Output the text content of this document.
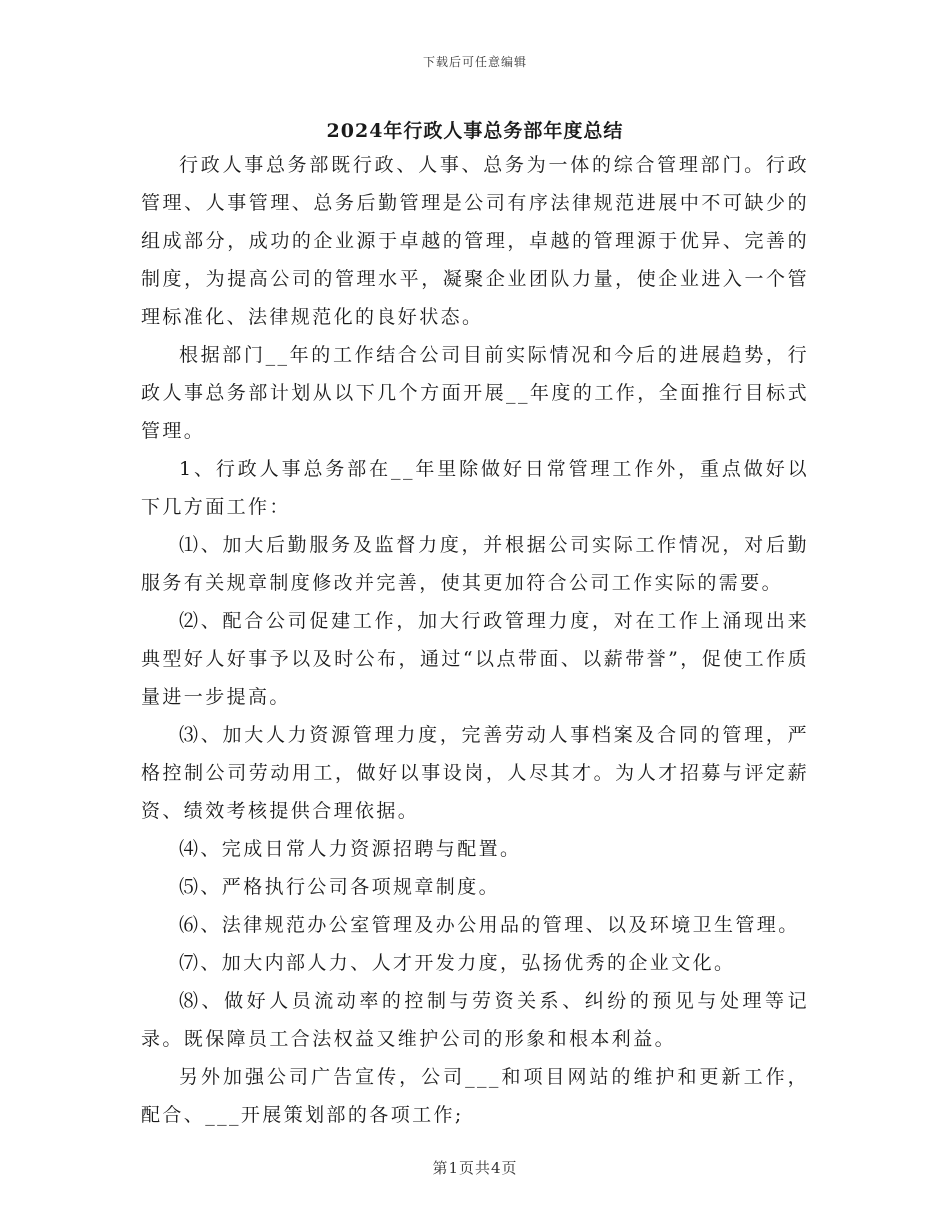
下载后可任意编辑
2024年行政人事总务部年度总结

行政人事总务部既行政、人事、总务为一体的综合管理部门。行政管理、人事管理、总务后勤管理是公司有序法律规范进展中不可缺少的组成部分，成功的企业源于卓越的管理，卓越的管理源于优异、完善的制度，为提高公司的管理水平，凝聚企业团队力量，使企业进入一个管理标准化、法律规范化的良好状态。

根据部门__年的工作结合公司目前实际情况和今后的进展趋势，行政人事总务部计划从以下几个方面开展__年度的工作，全面推行目标式管理。

1、行政人事总务部在__年里除做好日常管理工作外，重点做好以下几方面工作：

⑴、加大后勤服务及监督力度，并根据公司实际工作情况，对后勤服务有关规章制度修改并完善，使其更加符合公司工作实际的需要。

⑵、配合公司促建工作，加大行政管理力度，对在工作上涌现出来典型好人好事予以及时公布，通过“以点带面、以薪带誉”，促使工作质量进一步提高。

⑶、加大人力资源管理力度，完善劳动人事档案及合同的管理，严格控制公司劳动用工，做好以事设岗，人尽其才。为人才招募与评定薪资、绩效考核提供合理依据。

⑷、完成日常人力资源招聘与配置。

⑸、严格执行公司各项规章制度。

⑹、法律规范办公室管理及办公用品的管理、以及环境卫生管理。

⑺、加大内部人力、人才开发力度，弘扬优秀的企业文化。

⑻、做好人员流动率的控制与劳资关系、纠纷的预见与处理等记录。既保障员工合法权益又维护公司的形象和根本利益。

另外加强公司广告宣传，公司___和项目网站的维护和更新工作，配合、___开展策划部的各项工作;

第1页共4页
